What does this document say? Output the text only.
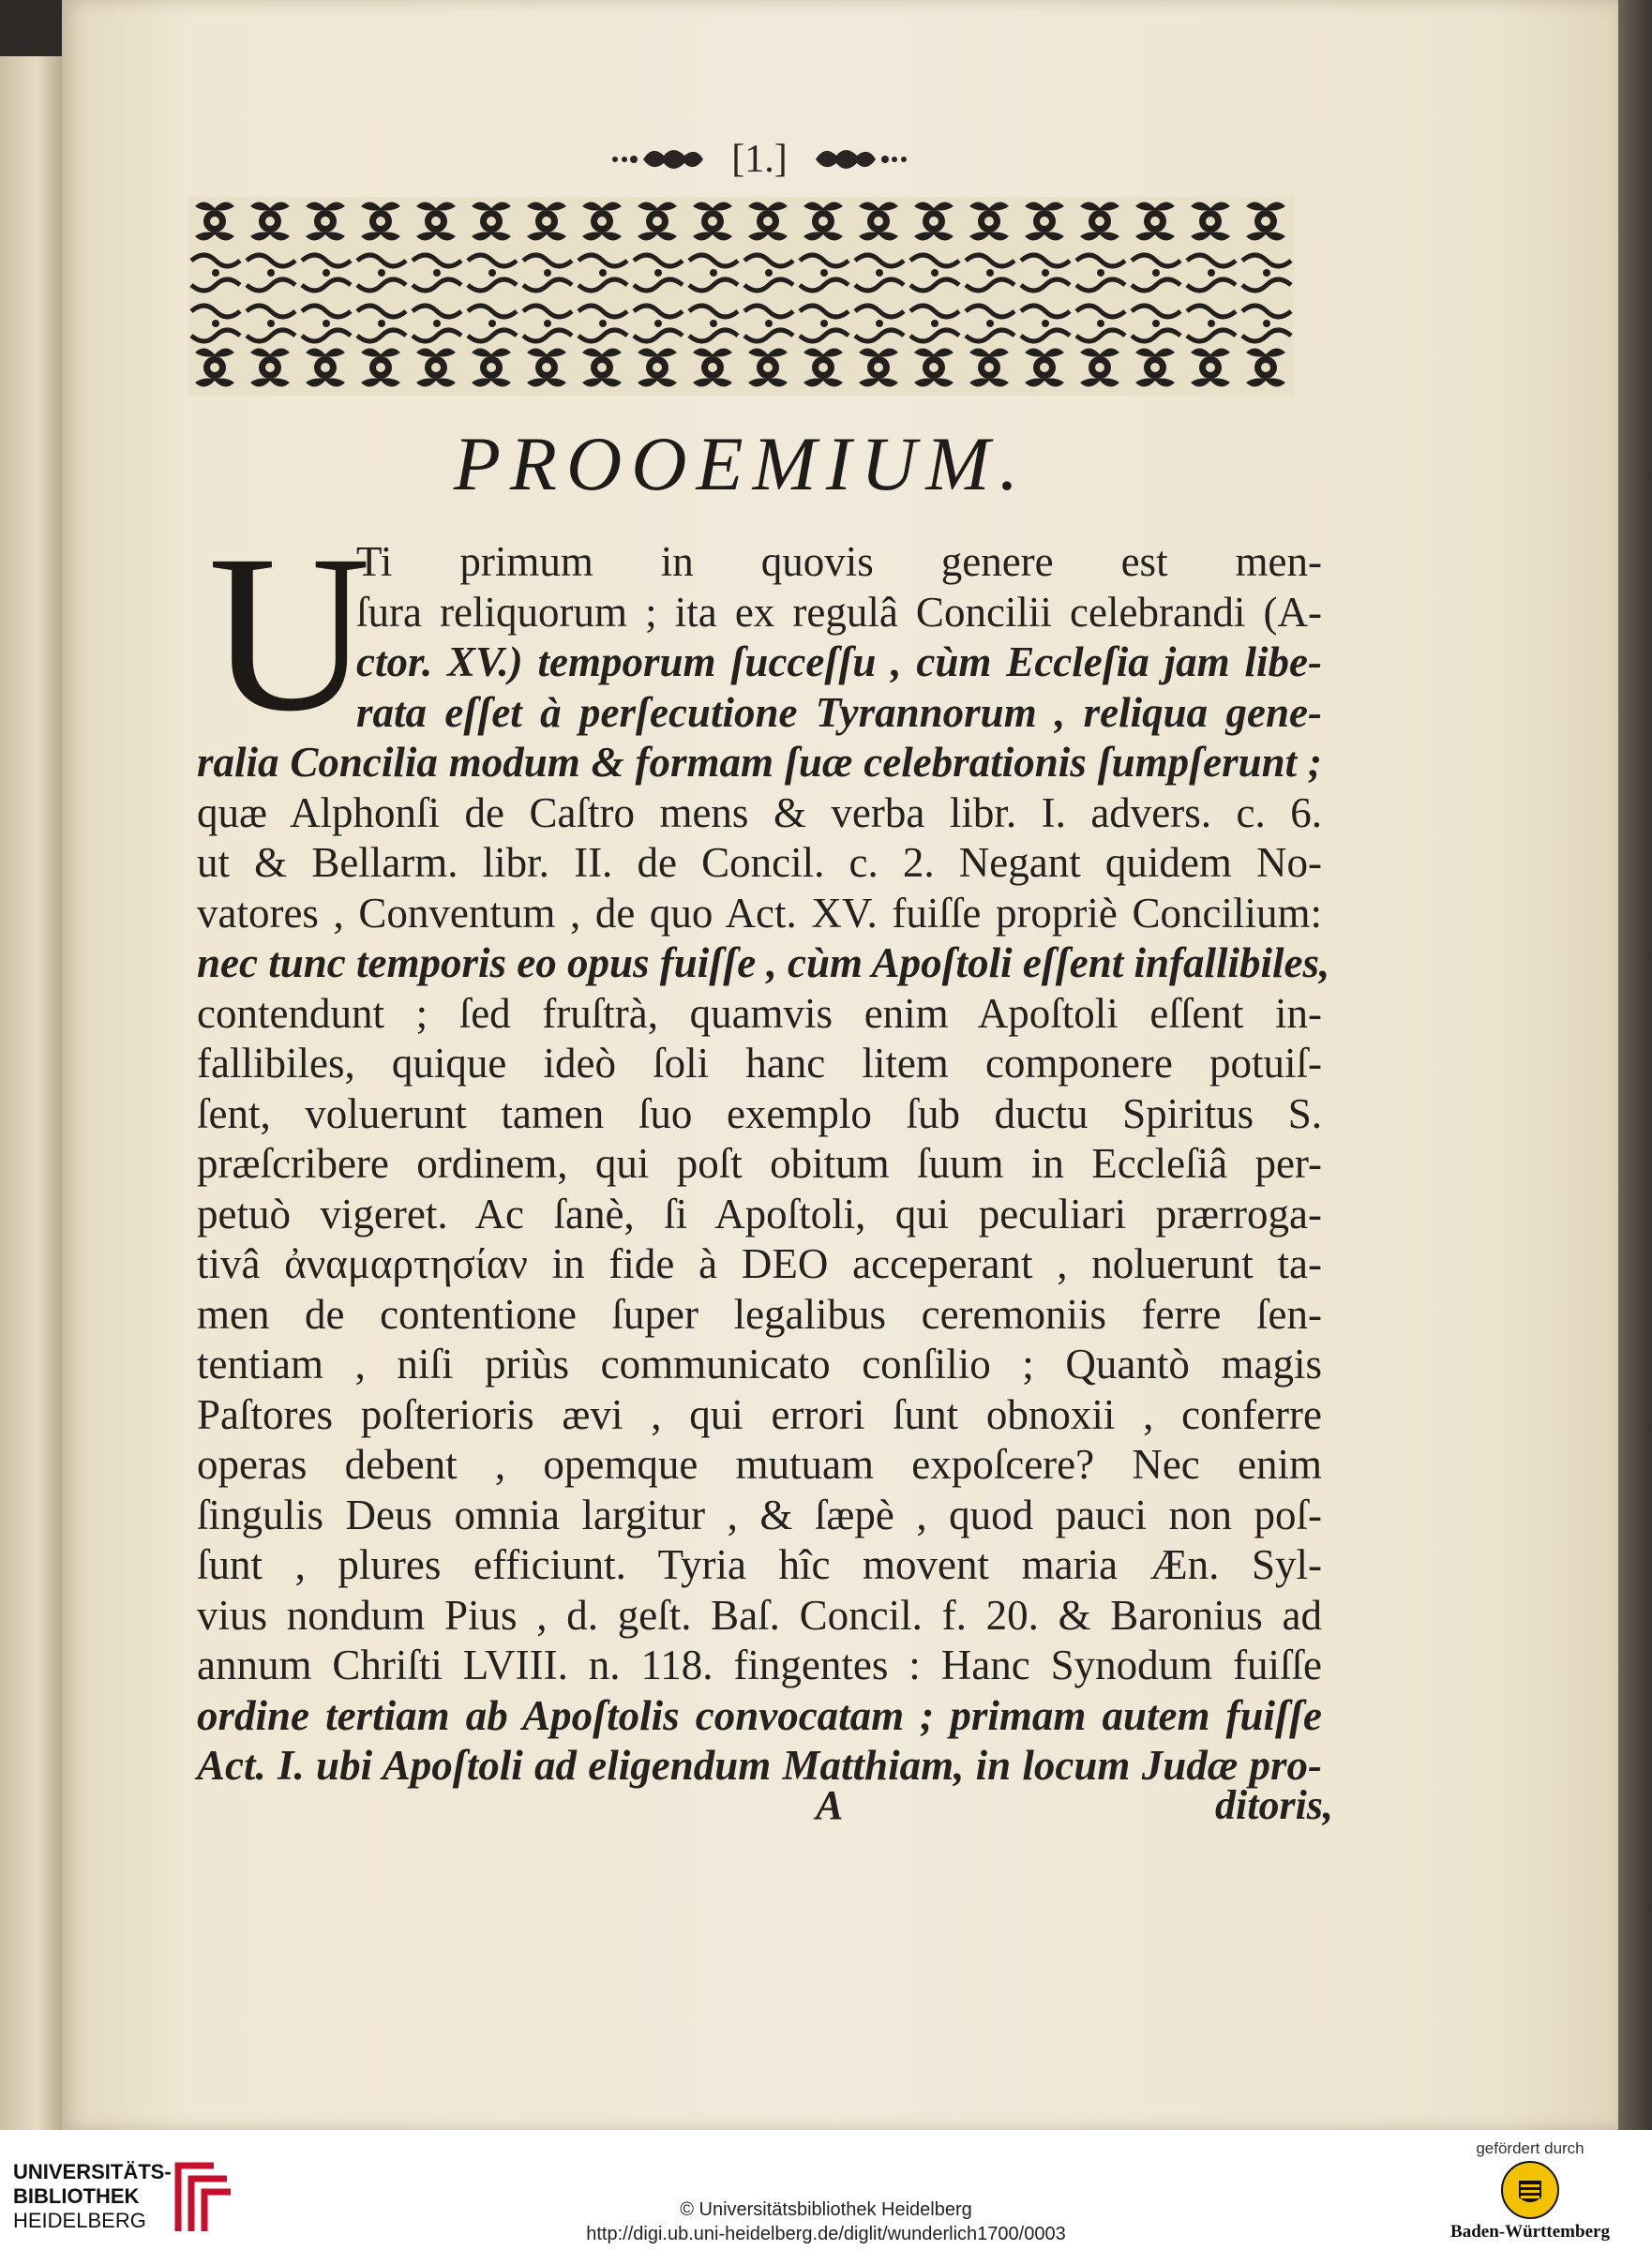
[1.]
PROOEMIUM.
U
Ti primum in quovis genere est men-
ſura reliquorum ; ita ex regulâ Concilii celebrandi (A-
ctor. XV.) temporum ſucceſſu , cùm Eccleſia jam libe-
rata eſſet à perſecutione Tyrannorum , reliqua gene-
ralia Concilia modum & formam ſuæ celebrationis ſumpſerunt ;
quæ Alphonſi de Caſtro mens & verba libr. I. advers. c. 6.
ut & Bellarm. libr. II. de Concil. c. 2. Negant quidem No-
vatores , Conventum , de quo Act. XV. fuiſſe propriè Concilium:
nec tunc temporis eo opus fuiſſe , cùm Apoſtoli eſſent infallibiles,
contendunt ; ſed fruſtrà, quamvis enim Apoſtoli eſſent in-
fallibiles, quique ideò ſoli hanc litem componere potuiſ-
ſent, voluerunt tamen ſuo exemplo ſub ductu Spiritus S.
præſcribere ordinem, qui poſt obitum ſuum in Eccleſiâ per-
petuò vigeret. Ac ſanè, ſi Apoſtoli, qui peculiari prærroga-
tivâ ἀναμαρτησίαν in fide à DEO acceperant , noluerunt ta-
men de contentione ſuper legalibus ceremoniis ferre ſen-
tentiam , niſi priùs communicato conſilio ; Quantò magis
Paſtores poſterioris ævi , qui errori ſunt obnoxii , conferre
operas debent , opemque mutuam expoſcere? Nec enim
ſingulis Deus omnia largitur , & ſæpè , quod pauci non poſ-
ſunt , plures efficiunt. Tyria hîc movent maria Æn. Syl-
vius nondum Pius , d. geſt. Baſ. Concil. f. 20. & Baronius ad
annum Chriſti LVIII. n. 118. fingentes : Hanc Synodum fuiſſe
ordine tertiam ab Apoſtolis convocatam ; primam autem fuiſſe
Act. I. ubi Apoſtoli ad eligendum Matthiam, in locum Judæ pro-
A	ditoris,
UNIVERSITÄTS-
BIBLIOTHEK
HEIDELBERG	© Universitätsbibliothek Heidelberg
http://digi.ub.uni-heidelberg.de/diglit/wunderlich1700/0003
gefördert durch
Baden-Württemberg
